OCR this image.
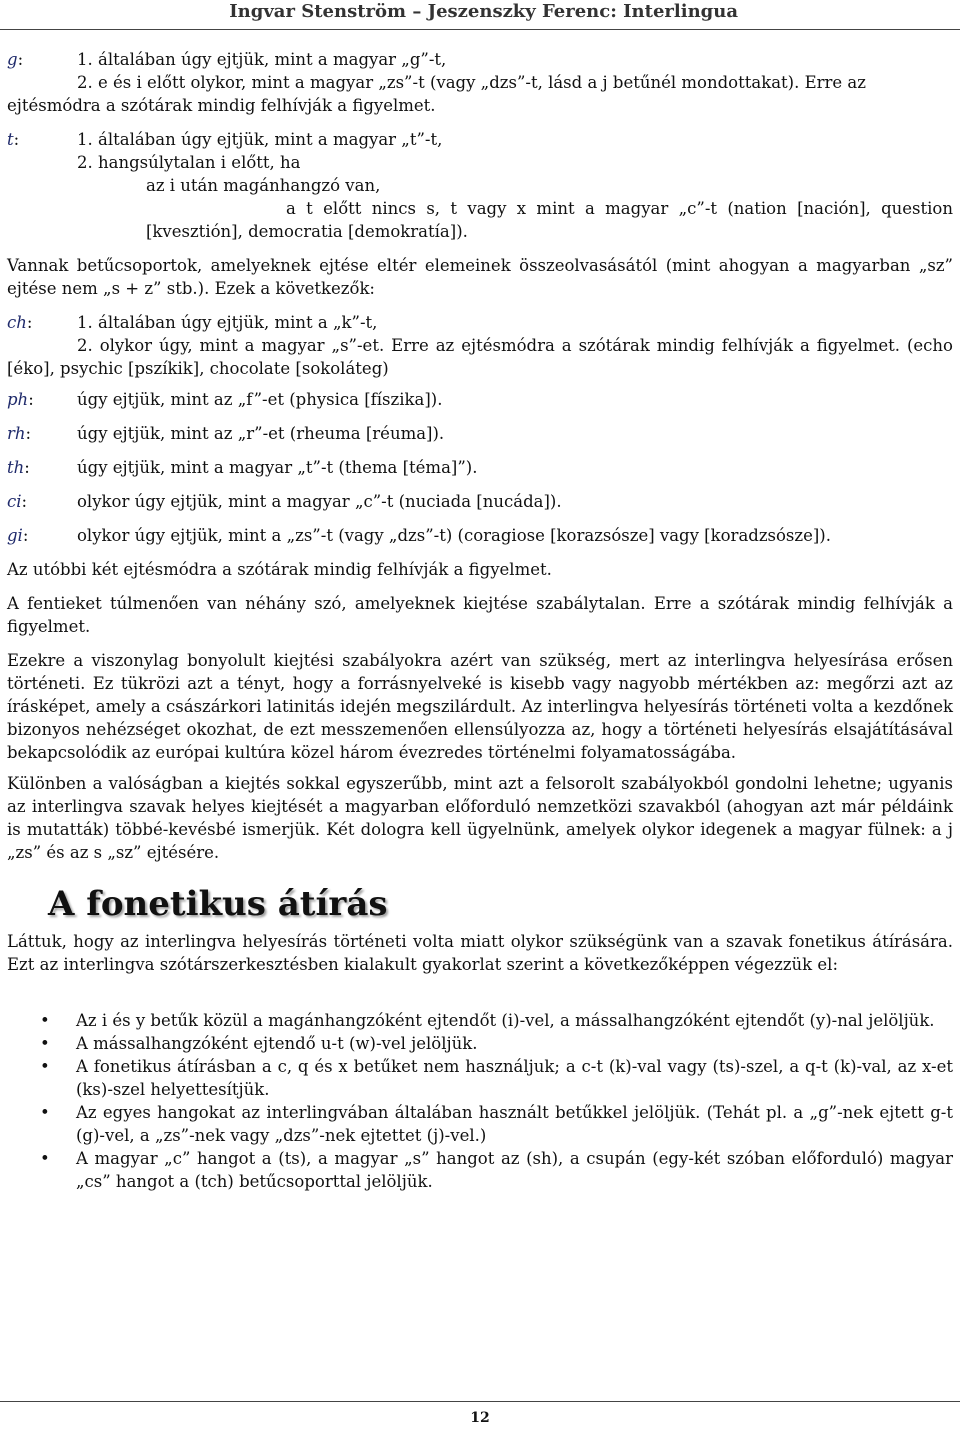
Ingvar Stenström – Jeszenszky Ferenc: Interlingua
g:	1. általában úgy ejtjük, mint a magyar „g”-t,
2. e és i előtt olykor, mint a magyar „zs”-t (vagy „dzs”-t, lásd a j betűnél mondottakat). Erre az
ejtésmódra a szótárak mindig felhívják a figyelmet.
t:	1. általában úgy ejtjük, mint a magyar „t”-t,
2. hangsúlytalan i előtt, ha
az i után magánhangzó van,
a t előtt nincs s, t vagy x mint a magyar „c”-t (nation [nación], question
[kvesztión], democratia [demokratía]).
Vannak betűcsoportok, amelyeknek ejtése eltér elemeinek összeolvasásától (mint ahogyan a magyarban „sz” ejtése nem „s + z” stb.). Ezek a következők:
ch:	1. általában úgy ejtjük, mint a „k”-t,
2. olykor úgy, mint a magyar „s”-et. Erre az ejtésmódra a szótárak mindig felhívják a figyelmet. (echo [éko], psychic [pszíkik], chocolate [sokoláteg)
ph:	úgy ejtjük, mint az „f”-et (physica [físzika]).
rh:	úgy ejtjük, mint az „r”-et (rheuma [réuma]).
th:	úgy ejtjük, mint a magyar „t”-t (thema [téma]”).
ci:	olykor úgy ejtjük, mint a magyar „c”-t (nuciada [nucáda]).
gi:	olykor úgy ejtjük, mint a „zs”-t (vagy „dzs”-t) (coragiose [korazsósze] vagy [koradzsósze]).
Az utóbbi két ejtésmódra a szótárak mindig felhívják a figyelmet.
A fentieket túlmenően van néhány szó, amelyeknek kiejtése szabálytalan. Erre a szótárak mindig felhívják a figyelmet.
Ezekre a viszonylag bonyolult kiejtési szabályokra azért van szükség, mert az interlingva helyesírása erősen történeti. Ez tükrözi azt a tényt, hogy a forrásnyelveké is kisebb vagy nagyobb mértékben az: megőrzi azt az írásképet, amely a császárkori latinitás idején megszilárdult. Az interlingva helyesírás történeti volta a kezdőnek bizonyos nehézséget okozhat, de ezt messzemenően ellensúlyozza az, hogy a történeti helyesírás elsajátításával bekapcsolódik az európai kultúra közel három évezredes történelmi folyamatosságába.
Különben a valóságban a kiejtés sokkal egyszerűbb, mint azt a felsorolt szabályokból gondolni lehetne; ugyanis az interlingva szavak helyes kiejtését a magyarban előforduló nemzetközi szavakból (ahogyan azt már példáink is mutatták) többé-kevésbé ismerjük. Két dologra kell ügyelnünk, amelyek olykor idegenek a magyar fülnek: a j „zs” és az s „sz” ejtésére.
A fonetikus átírás
Láttuk, hogy az interlingva helyesírás történeti volta miatt olykor szükségünk van a szavak fonetikus átírására. Ezt az interlingva szótárszerkesztésben kialakult gyakorlat szerint a következőképpen végezzük el:
• Az i és y betűk közül a magánhangzóként ejtendőt (i)-vel, a mássalhangzóként ejtendőt (y)-nal jelöljük.
• A mássalhangzóként ejtendő u-t (w)-vel jelöljük.
• A fonetikus átírásban a c, q és x betűket nem használjuk; a c-t (k)-val vagy (ts)-szel, a q-t (k)-val, az x-et (ks)-szel helyettesítjük.
• Az egyes hangokat az interlingvában általában használt betűkkel jelöljük. (Tehát pl. a „g”-nek ejtett g-t (g)-vel, a „zs”-nek vagy „dzs”-nek ejtettet (j)-vel.)
• A magyar „c” hangot a (ts), a magyar „s” hangot az (sh), a csupán (egy-két szóban előforduló) magyar „cs” hangot a (tch) betűcsoporttal jelöljük.
12
